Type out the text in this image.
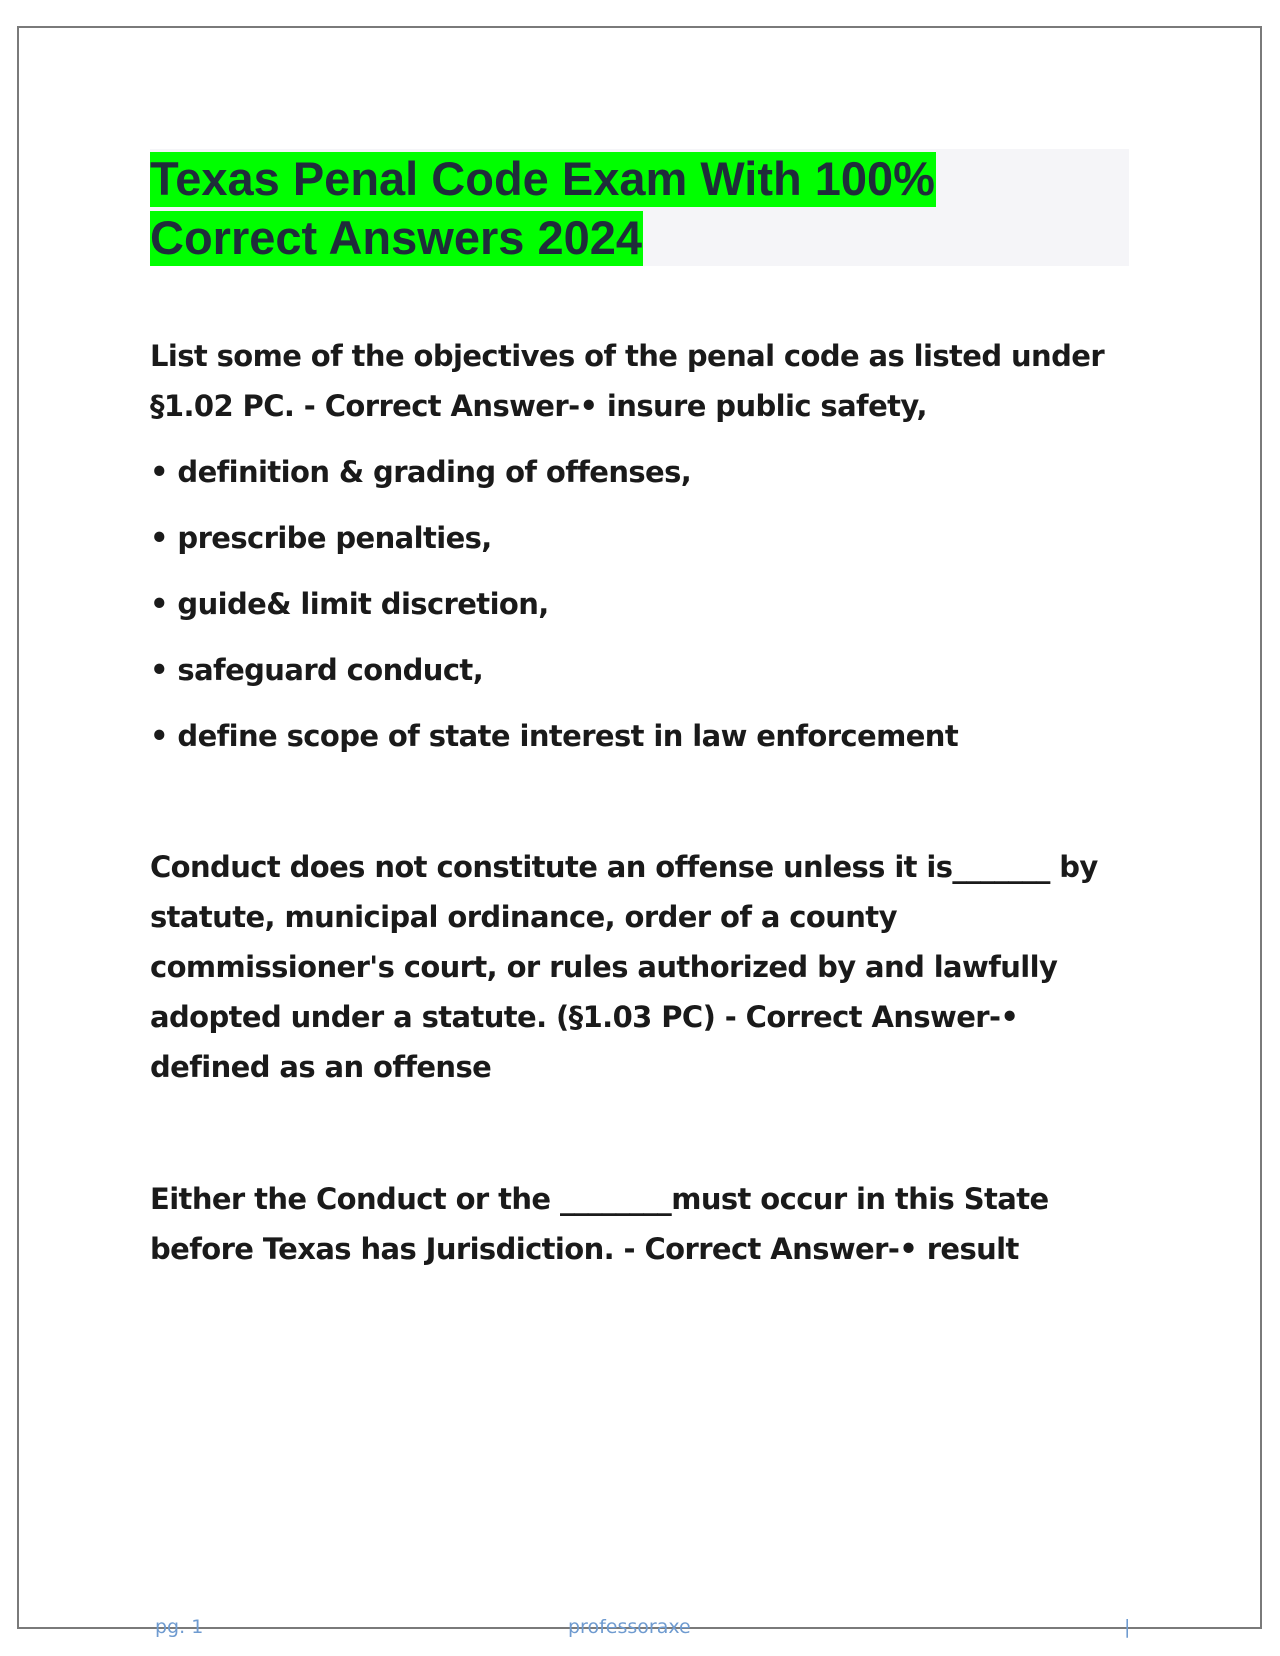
Texas Penal Code Exam With 100%
Correct Answers 2024

List some of the objectives of the penal code as listed under

§1.02 PC. - Correct Answer-• insure public safety,

• definition & grading of offenses,

• prescribe penalties,

• guide& limit discretion,

• safeguard conduct,

• define scope of state interest in law enforcement

Conduct does not constitute an offense unless it is_______ by

statute, municipal ordinance, order of a county

commissioner's court, or rules authorized by and lawfully

adopted under a statute. (§1.03 PC) - Correct Answer-•

defined as an offense

Either the Conduct or the ________must occur in this State

before Texas has Jurisdiction. - Correct Answer-• result

pg. 1	professoraxe	|
